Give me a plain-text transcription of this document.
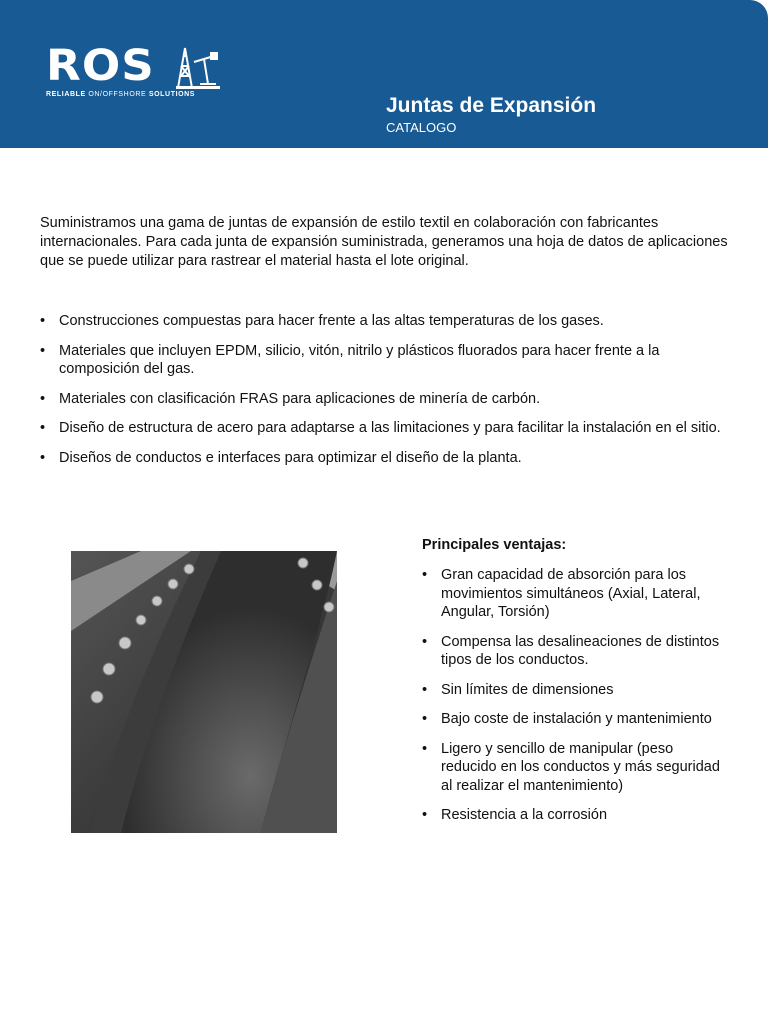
ROS
RELIABLE ON/OFFSHORE SOLUTIONS	Juntas de Expansión
CATALOGO

Suministramos una gama de juntas de expansión de estilo textil en colaboración con fabricantes internacionales. Para cada junta de expansión suministrada, generamos una hoja de datos de aplicaciones que se puede utilizar para rastrear el material hasta el lote original.

• Construcciones compuestas para hacer frente a las altas temperaturas de los gases.
• Materiales que incluyen EPDM, silicio, vitón, nitrilo y plásticos fluorados para hacer frente a la composición del gas.
• Materiales con clasificación FRAS para aplicaciones de minería de carbón.
• Diseño de estructura de acero para adaptarse a las limitaciones y para facilitar la instalación en el sitio.
• Diseños de conductos e interfaces para optimizar el diseño de la planta.
Principales ventajas:
• Gran capacidad de absorción para los movimientos simultáneos (Axial, Lateral, Angular, Torsión)
• Compensa las desalineaciones de distintos tipos de los conductos.
• Sin límites de dimensiones
• Bajo coste de instalación y mantenimiento
• Ligero y sencillo de manipular (peso reducido en los conductos y más seguridad al realizar el mantenimiento)
• Resistencia a la corrosión
